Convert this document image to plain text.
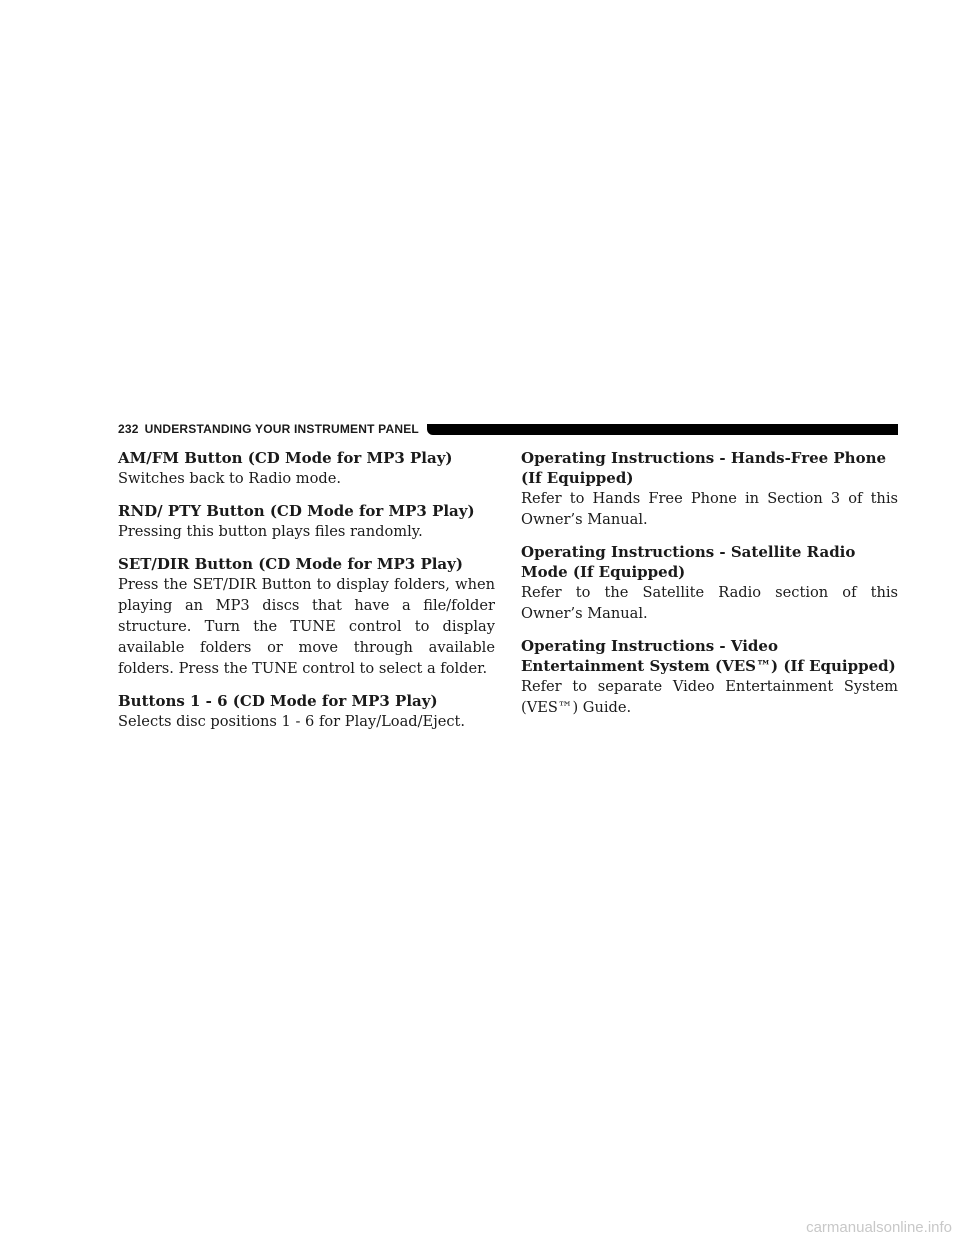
232 UNDERSTANDING YOUR INSTRUMENT PANEL

AM/FM Button (CD Mode for MP3 Play)

Switches back to Radio mode.

RND/ PTY Button (CD Mode for MP3 Play)

Pressing this button plays files randomly.

SET/DIR Button (CD Mode for MP3 Play)

Press the SET/DIR Button to display folders, when playing an MP3 discs that have a file/folder structure. Turn the TUNE control to display available folders or move through available folders. Press the TUNE control to select a folder.

Buttons 1 - 6 (CD Mode for MP3 Play)

Selects disc positions 1 - 6 for Play/Load/Eject.

Operating Instructions - Hands-Free Phone (If Equipped)

Refer to Hands Free Phone in Section 3 of this Owner’s Manual.

Operating Instructions - Satellite Radio Mode (If Equipped)

Refer to the Satellite Radio section of this Owner’s Manual.

Operating Instructions - Video Entertainment System (VES™) (If Equipped)

Refer to separate Video Entertainment System (VES™) Guide.

carmanualsonline.info
